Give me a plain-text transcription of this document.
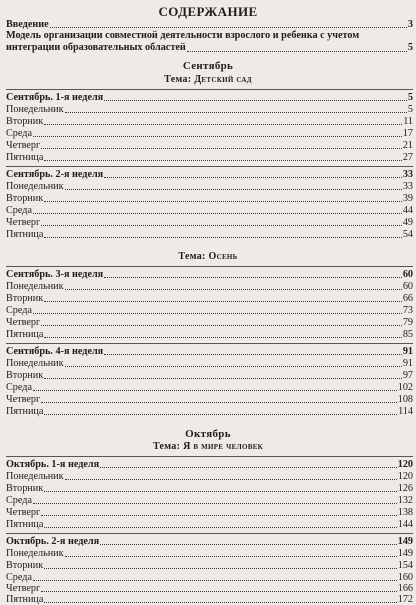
СОДЕРЖАНИЕ
Введение	3
Модель организации совместной деятельности взрослого и ребенка с учетом
интеграции образовательных областей	5
Сентябрь
Тема: Детский сад
Сентябрь. 1-я неделя	5
Понедельник	5
Вторник	11
Среда	17
Четверг	21
Пятница	27
Сентябрь. 2-я неделя	33
Понедельник	33
Вторник	39
Среда	44
Четверг	49
Пятница	54
Тема: Осень
Сентябрь. 3-я неделя	60
Понедельник	60
Вторник	66
Среда	73
Четверг	79
Пятница	85
Сентябрь. 4-я неделя	91
Понедельник	91
Вторник	97
Среда	102
Четверг	108
Пятница	114
Октябрь
Тема: Я в мире человек
Октябрь. 1-я неделя	120
Понедельник	120
Вторник	126
Среда	132
Четверг	138
Пятница	144
Октябрь. 2-я неделя	149
Понедельник	149
Вторник	154
Среда	160
Четверг	166
Пятница	172
